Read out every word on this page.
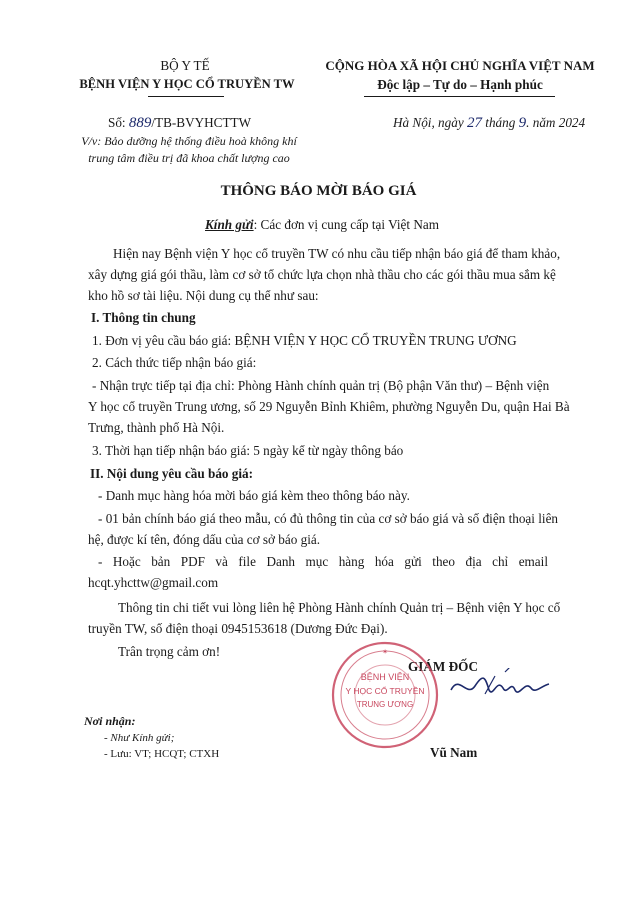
BỘ Y TẾ
BỆNH VIỆN Y HỌC CỔ TRUYỀN TW
CỘNG HÒA XÃ HỘI CHỦ NGHĨA VIỆT NAM
Độc lập – Tự do – Hạnh phúc
Số: 889/TB-BVYHCTTW
V/v: Bảo dưỡng hệ thống điều hoà không khí
trung tâm điều trị đã khoa chất lượng cao
Hà Nội, ngày 27 tháng 9. năm 2024
THÔNG BÁO MỜI BÁO GIÁ
Kính gửi: Các đơn vị cung cấp tại Việt Nam
Hiện nay Bệnh viện Y học cổ truyền TW có nhu cầu tiếp nhận báo giá để tham khảo,
xây dựng giá gói thầu, làm cơ sở tổ chức lựa chọn nhà thầu cho các gói thầu mua sắm kệ
kho hồ sơ tài liệu. Nội dung cụ thể như sau:
I. Thông tin chung
1. Đơn vị yêu cầu báo giá: BỆNH VIỆN Y HỌC CỔ TRUYỀN TRUNG ƯƠNG
2. Cách thức tiếp nhận báo giá:
- Nhận trực tiếp tại địa chỉ: Phòng Hành chính quản trị (Bộ phận Văn thư) – Bệnh viện
Y học cổ truyền Trung ương, số 29 Nguyễn Bỉnh Khiêm, phường Nguyễn Du, quận Hai Bà
Trưng, thành phố Hà Nội.
3. Thời hạn tiếp nhận báo giá: 5 ngày kể từ ngày thông báo
II. Nội dung yêu cầu báo giá:
- Danh mục hàng hóa mời báo giá kèm theo thông báo này.
- 01 bản chính báo giá theo mẫu, có đủ thông tin của cơ sở báo giá và số điện thoại liên
hệ, được kí tên, đóng dấu của cơ sở báo giá.
- Hoặc bản PDF và file Danh mục hàng hóa gửi theo địa chỉ email
hcqt.yhcttw@gmail.com
Thông tin chi tiết vui lòng liên hệ Phòng Hành chính Quản trị – Bệnh viện Y học cổ
truyền TW, số điện thoại 0945153618 (Dương Đức Đại).
Trân trọng cảm ơn!
Nơi nhận:
- Như Kính gửi;
- Lưu: VT; HCQT; CTXH
GIÁM ĐỐC
BỆNH VIỆN
Y HỌC CỔ TRUYỀN
TRUNG ƯƠNG
✶
Vũ Nam
